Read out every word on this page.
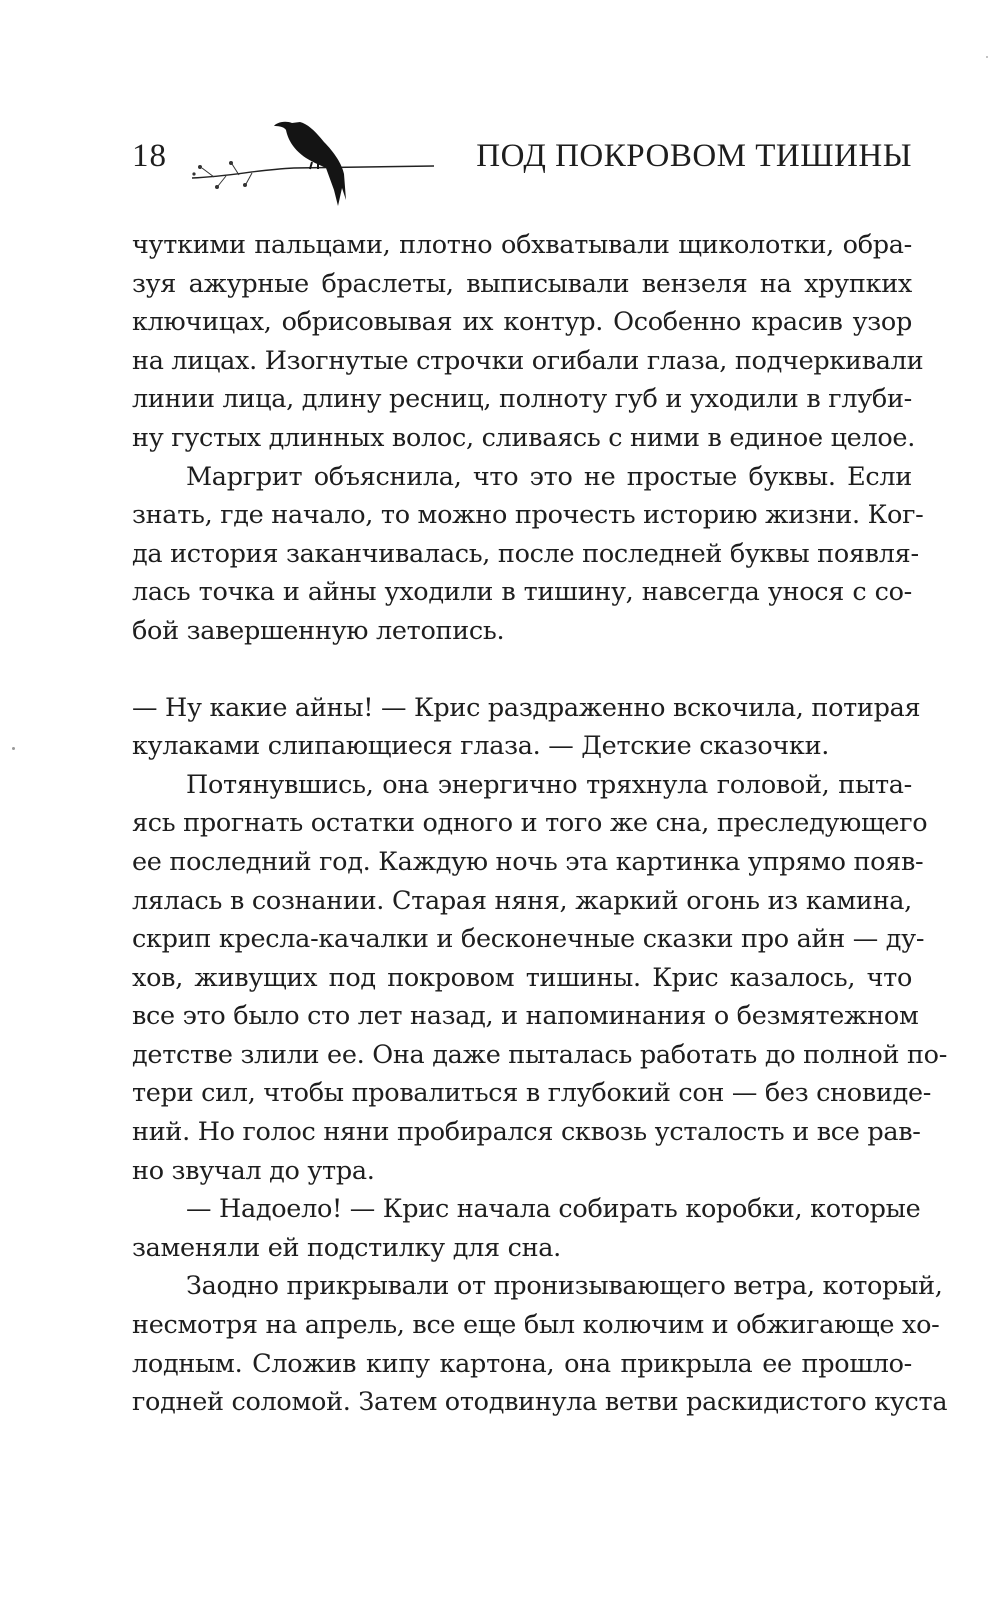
18	ПОД ПОКРОВОМ ТИШИНЫ
чуткими пальцами, плотно обхватывали щиколотки, обра-
зуя ажурные браслеты, выписывали вензеля на хрупких
ключицах, обрисовывая их контур. Особенно красив узор
на лицах. Изогнутые строчки огибали глаза, подчеркивали
линии лица, длину ресниц, полноту губ и уходили в глуби-
ну густых длинных волос, сливаясь с ними в единое целое.
Маргрит объяснила, что это не простые буквы. Если
знать, где начало, то можно прочесть историю жизни. Ког-
да история заканчивалась, после последней буквы появля-
лась точка и айны уходили в тишину, навсегда унося с со-
бой завершенную летопись.
— Ну какие айны! — Крис раздраженно вскочила, потирая
кулаками слипающиеся глаза. — Детские сказочки.
Потянувшись, она энергично тряхнула головой, пыта-
ясь прогнать остатки одного и того же сна, преследующего
ее последний год. Каждую ночь эта картинка упрямо появ-
лялась в сознании. Старая няня, жаркий огонь из камина,
скрип кресла-качалки и бесконечные сказки про айн — ду-
хов, живущих под покровом тишины. Крис казалось, что
все это было сто лет назад, и напоминания о безмятежном
детстве злили ее. Она даже пыталась работать до полной по-
тери сил, чтобы провалиться в глубокий сон — без сновиде-
ний. Но голос няни пробирался сквозь усталость и все рав-
но звучал до утра.
— Надоело! — Крис начала собирать коробки, которые
заменяли ей подстилку для сна.
Заодно прикрывали от пронизывающего ветра, который,
несмотря на апрель, все еще был колючим и обжигающе хо-
лодным. Сложив кипу картона, она прикрыла ее прошло-
годней соломой. Затем отодвинула ветви раскидистого куста
